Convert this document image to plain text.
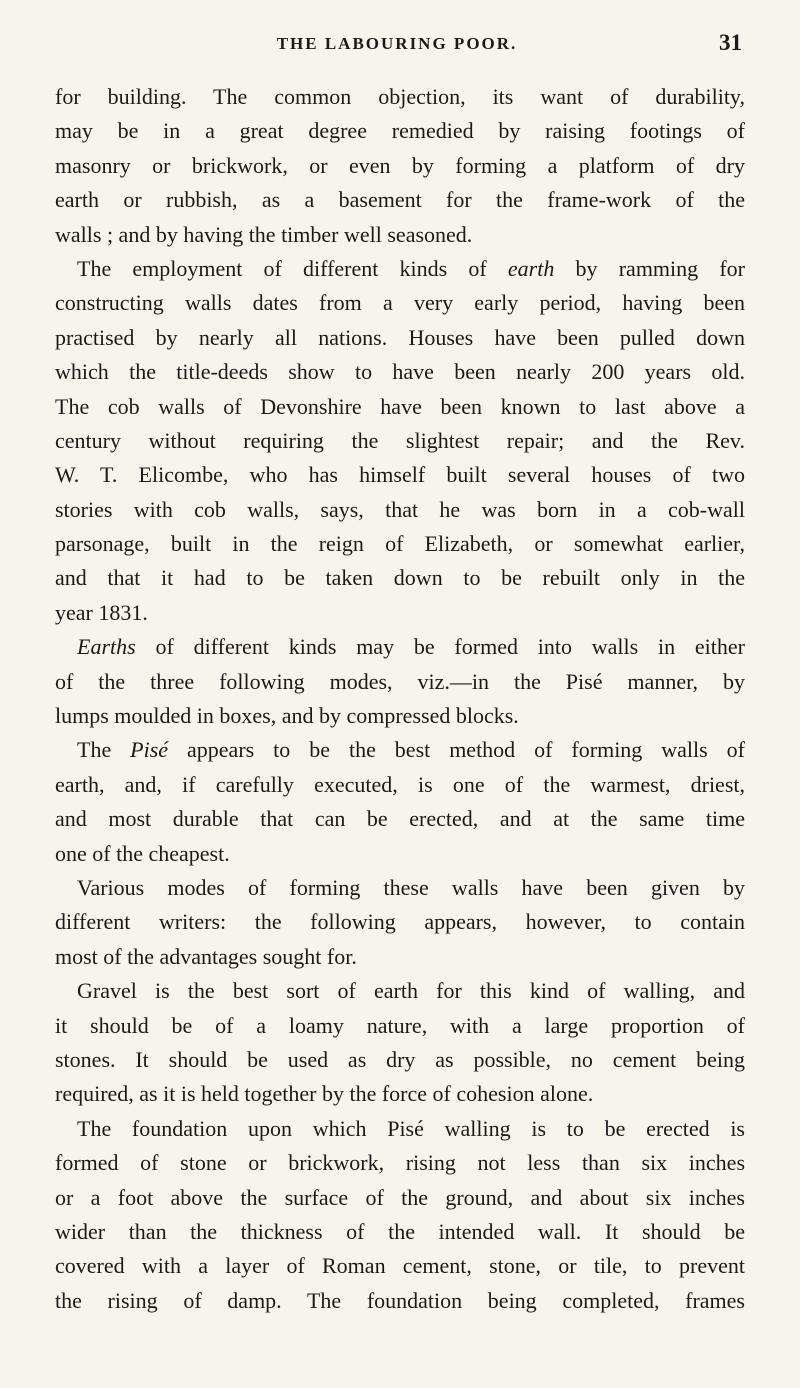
THE LABOURING POOR.	31
for building. The common objection, its want of durability,
may be in a great degree remedied by raising footings of
masonry or brickwork, or even by forming a platform of dry
earth or rubbish, as a basement for the frame-work of the
walls ; and by having the timber well seasoned.
The employment of different kinds of earth by ramming for
constructing walls dates from a very early period, having been
practised by nearly all nations. Houses have been pulled down
which the title-deeds show to have been nearly 200 years old.
The cob walls of Devonshire have been known to last above a
century without requiring the slightest repair; and the Rev.
W. T. Elicombe, who has himself built several houses of two
stories with cob walls, says, that he was born in a cob-wall
parsonage, built in the reign of Elizabeth, or somewhat earlier,
and that it had to be taken down to be rebuilt only in the
year 1831.
Earths of different kinds may be formed into walls in either
of the three following modes, viz.—in the Pisé manner, by
lumps moulded in boxes, and by compressed blocks.
The Pisé appears to be the best method of forming walls of
earth, and, if carefully executed, is one of the warmest, driest,
and most durable that can be erected, and at the same time
one of the cheapest.
Various modes of forming these walls have been given by
different writers: the following appears, however, to contain
most of the advantages sought for.
Gravel is the best sort of earth for this kind of walling, and
it should be of a loamy nature, with a large proportion of
stones. It should be used as dry as possible, no cement being
required, as it is held together by the force of cohesion alone.
The foundation upon which Pisé walling is to be erected is
formed of stone or brickwork, rising not less than six inches
or a foot above the surface of the ground, and about six inches
wider than the thickness of the intended wall. It should be
covered with a layer of Roman cement, stone, or tile, to prevent
the rising of damp. The foundation being completed, frames
